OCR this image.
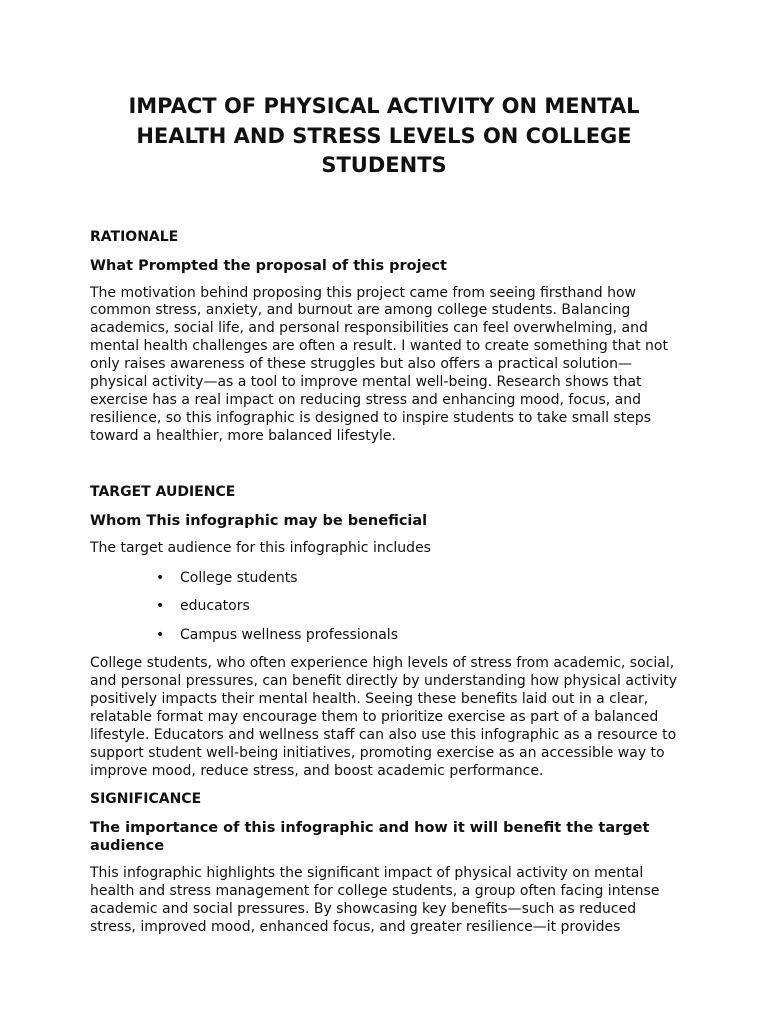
IMPACT OF PHYSICAL ACTIVITY ON MENTAL HEALTH AND STRESS LEVELS ON COLLEGE STUDENTS
RATIONALE
What Prompted the proposal of this project

The motivation behind proposing this project came from seeing firsthand how common stress, anxiety, and burnout are among college students. Balancing academics, social life, and personal responsibilities can feel overwhelming, and mental health challenges are often a result. I wanted to create something that not only raises awareness of these struggles but also offers a practical solution—physical activity—as a tool to improve mental well-being. Research shows that exercise has a real impact on reducing stress and enhancing mood, focus, and resilience, so this infographic is designed to inspire students to take small steps toward a healthier, more balanced lifestyle.

TARGET AUDIENCE
Whom This infographic may be beneficial

The target audience for this infographic includes

• College students
• educators
• Campus wellness professionals

College students, who often experience high levels of stress from academic, social, and personal pressures, can benefit directly by understanding how physical activity positively impacts their mental health. Seeing these benefits laid out in a clear, relatable format may encourage them to prioritize exercise as part of a balanced lifestyle. Educators and wellness staff can also use this infographic as a resource to support student well-being initiatives, promoting exercise as an accessible way to improve mood, reduce stress, and boost academic performance.

SIGNIFICANCE
The importance of this infographic and how it will benefit the target audience

This infographic highlights the significant impact of physical activity on mental health and stress management for college students, a group often facing intense academic and social pressures. By showcasing key benefits—such as reduced stress, improved mood, enhanced focus, and greater resilience—it provides
